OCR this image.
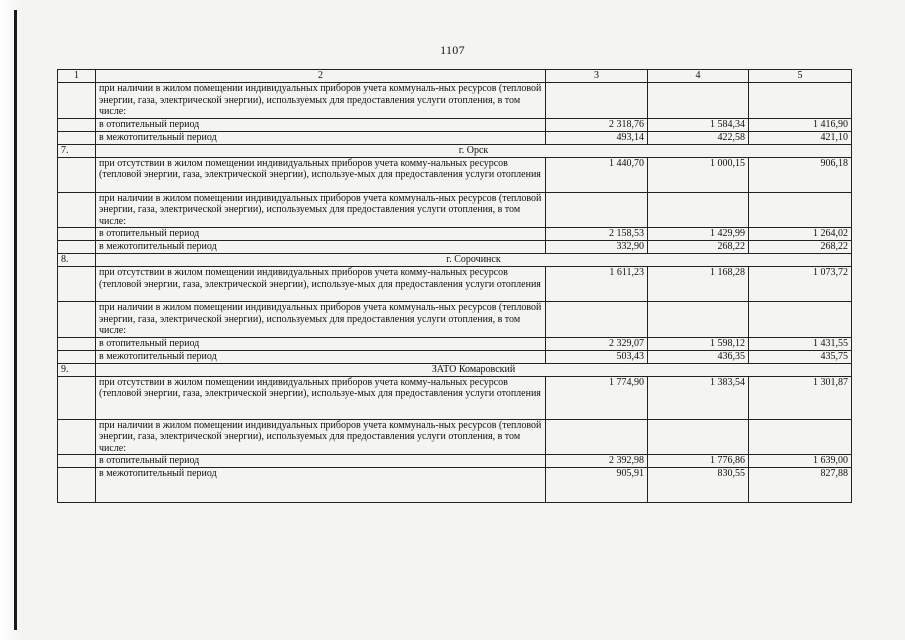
1107
1	2	3	4	5
	при наличии в жилом помещении индивидуальных приборов учета коммуналь-ных ресурсов (тепловой энергии, газа, электрической энергии), используемых для предоставления услуги отопления, в том числе:			
	в отопительный период	2 318,76	1 584,34	1 416,90
	в межотопительный период	493,14	422,58	421,10
7.	г. Орск			
	при отсутствии в жилом помещении индивидуальных приборов учета комму-нальных ресурсов (тепловой энергии, газа, электрической энергии), используе-мых для предоставления услуги отопления	1 440,70	1 000,15	906,18
	при наличии в жилом помещении индивидуальных приборов учета коммуналь-ных ресурсов (тепловой энергии, газа, электрической энергии), используемых для предоставления услуги отопления, в том числе:			
	в отопительный период	2 158,53	1 429,99	1 264,02
	в межотопительный период	332,90	268,22	268,22
8.	г. Сорочинск			
	при отсутствии в жилом помещении индивидуальных приборов учета комму-нальных ресурсов (тепловой энергии, газа, электрической энергии), используе-мых для предоставления услуги отопления	1 611,23	1 168,28	1 073,72
	при наличии в жилом помещении индивидуальных приборов учета коммуналь-ных ресурсов (тепловой энергии, газа, электрической энергии), используемых для предоставления услуги отопления, в том числе:			
	в отопительный период	2 329,07	1 598,12	1 431,55
	в межотопительный период	503,43	436,35	435,75
9.	ЗАТО Комаровский			
	при отсутствии в жилом помещении индивидуальных приборов учета комму-нальных ресурсов (тепловой энергии, газа, электрической энергии), используе-мых для предоставления услуги отопления	1 774,90	1 383,54	1 301,87
	при наличии в жилом помещении индивидуальных приборов учета коммуналь-ных ресурсов (тепловой энергии, газа, электрической энергии), используемых для предоставления услуги отопления, в том числе:			
	в отопительный период	2 392,98	1 776,86	1 639,00
	в межотопительный период	905,91	830,55	827,88
